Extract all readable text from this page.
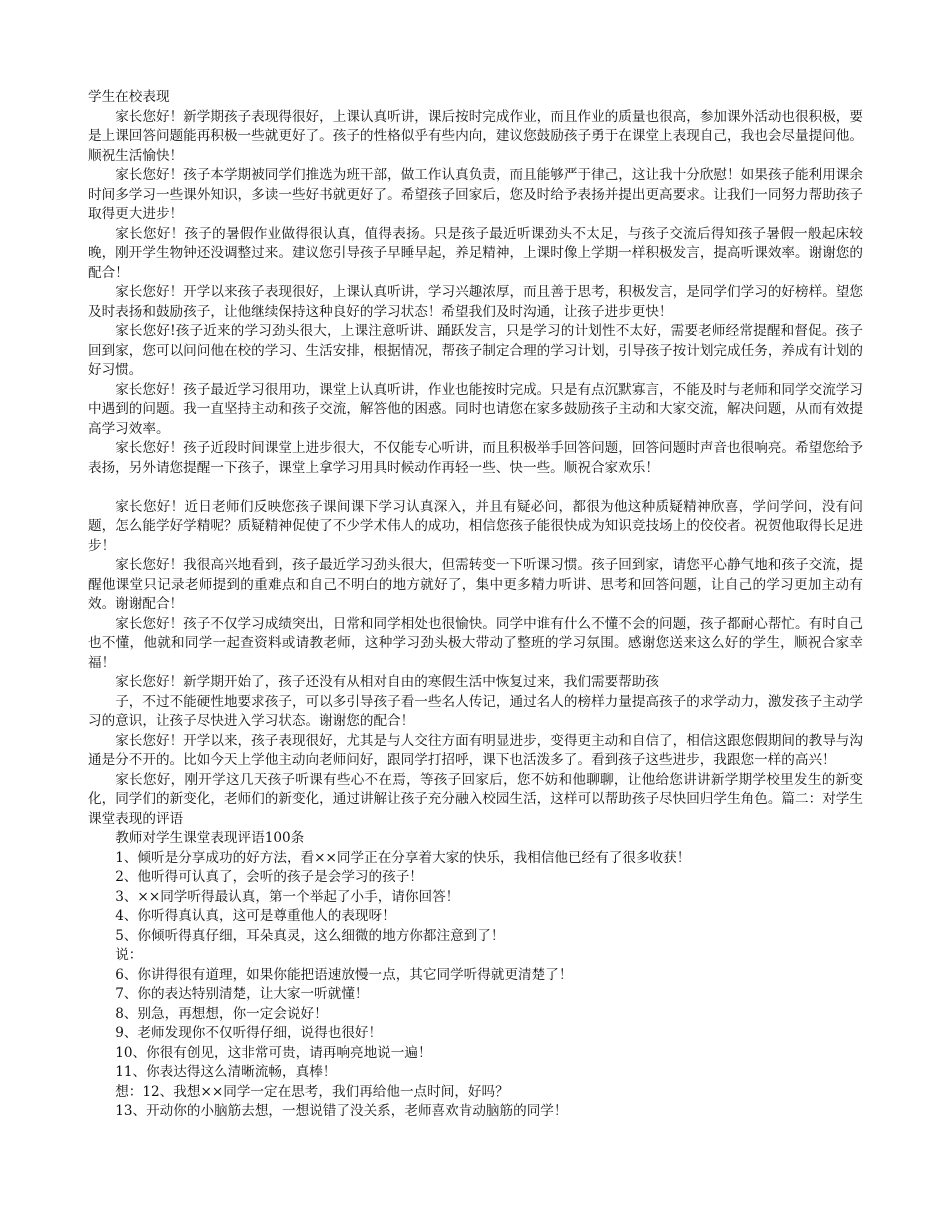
学生在校表现

家长您好！新学期孩子表现得很好，上课认真听讲，课后按时完成作业，而且作业的质量也很高，参加课外活动也很积极，要是上课回答问题能再积极一些就更好了。孩子的性格似乎有些内向，建议您鼓励孩子勇于在课堂上表现自己，我也会尽量提问他。顺祝生活愉快！

家长您好！孩子本学期被同学们推选为班干部，做工作认真负责，而且能够严于律己，这让我十分欣慰！如果孩子能利用课余时间多学习一些课外知识，多读一些好书就更好了。希望孩子回家后，您及时给予表扬并提出更高要求。让我们一同努力帮助孩子取得更大进步！

家长您好！孩子的暑假作业做得很认真，值得表扬。只是孩子最近听课劲头不太足，与孩子交流后得知孩子暑假一般起床较晚，刚开学生物钟还没调整过来。建议您引导孩子早睡早起，养足精神，上课时像上学期一样积极发言，提高听课效率。谢谢您的配合！

家长您好！开学以来孩子表现很好，上课认真听讲，学习兴趣浓厚，而且善于思考，积极发言，是同学们学习的好榜样。望您及时表扬和鼓励孩子，让他继续保持这种良好的学习状态！希望我们及时沟通，让孩子进步更快！

家长您好!孩子近来的学习劲头很大，上课注意听讲、踊跃发言，只是学习的计划性不太好，需要老师经常提醒和督促。孩子回到家，您可以问问他在校的学习、生活安排，根据情况，帮孩子制定合理的学习计划，引导孩子按计划完成任务，养成有计划的好习惯。

家长您好！孩子最近学习很用功，课堂上认真听讲，作业也能按时完成。只是有点沉默寡言，不能及时与老师和同学交流学习中遇到的问题。我一直坚持主动和孩子交流，解答他的困惑。同时也请您在家多鼓励孩子主动和大家交流，解决问题，从而有效提高学习效率。

家长您好！孩子近段时间课堂上进步很大，不仅能专心听讲，而且积极举手回答问题，回答问题时声音也很响亮。希望您给予表扬，另外请您提醒一下孩子，课堂上拿学习用具时候动作再轻一些、快一些。顺祝合家欢乐！

家长您好！近日老师们反映您孩子课间课下学习认真深入，并且有疑必问，都很为他这种质疑精神欣喜，学问学问，没有问题，怎么能学好学精呢？质疑精神促使了不少学术伟人的成功，相信您孩子能很快成为知识竞技场上的佼佼者。祝贺他取得长足进步！

家长您好！我很高兴地看到，孩子最近学习劲头很大，但需转变一下听课习惯。孩子回到家，请您平心静气地和孩子交流，提醒他课堂只记录老师提到的重难点和自己不明白的地方就好了，集中更多精力听讲、思考和回答问题，让自己的学习更加主动有效。谢谢配合！

家长您好！孩子不仅学习成绩突出，日常和同学相处也很愉快。同学中谁有什么不懂不会的问题，孩子都耐心帮忙。有时自己也不懂，他就和同学一起查资料或请教老师，这种学习劲头极大带动了整班的学习氛围。感谢您送来这么好的学生，顺祝合家幸福！

家长您好！新学期开始了，孩子还没有从相对自由的寒假生活中恢复过来，我们需要帮助孩

子，不过不能硬性地要求孩子，可以多引导孩子看一些名人传记，通过名人的榜样力量提高孩子的求学动力，激发孩子主动学习的意识，让孩子尽快进入学习状态。谢谢您的配合！

家长您好！开学以来，孩子表现很好，尤其是与人交往方面有明显进步，变得更主动和自信了，相信这跟您假期间的教导与沟通是分不开的。比如今天上学他主动向老师问好，跟同学打招呼，课下也活泼多了。看到孩子这些进步，我跟您一样的高兴！

家长您好，刚开学这几天孩子听课有些心不在焉，等孩子回家后，您不妨和他聊聊，让他给您讲讲新学期学校里发生的新变化，同学们的新变化，老师们的新变化，通过讲解让孩子充分融入校园生活，这样可以帮助孩子尽快回归学生角色。篇二：对学生课堂表现的评语

教师对学生课堂表现评语100条

1、倾听是分享成功的好方法，看××同学正在分享着大家的快乐，我相信他已经有了很多收获！

2、他听得可认真了，会听的孩子是会学习的孩子！

3、××同学听得最认真，第一个举起了小手，请你回答！

4、你听得真认真，这可是尊重他人的表现呀！

5、你倾听得真仔细，耳朵真灵，这么细微的地方你都注意到了！

说：

6、你讲得很有道理，如果你能把语速放慢一点，其它同学听得就更清楚了！

7、你的表达特别清楚，让大家一听就懂！

8、别急，再想想，你一定会说好！

9、老师发现你不仅听得仔细，说得也很好！

10、你很有创见，这非常可贵，请再响亮地说一遍！

11、你表达得这么清晰流畅，真棒！

想：12、我想××同学一定在思考，我们再给他一点时间，好吗？

13、开动你的小脑筋去想，一想说错了没关系，老师喜欢肯动脑筋的同学！
